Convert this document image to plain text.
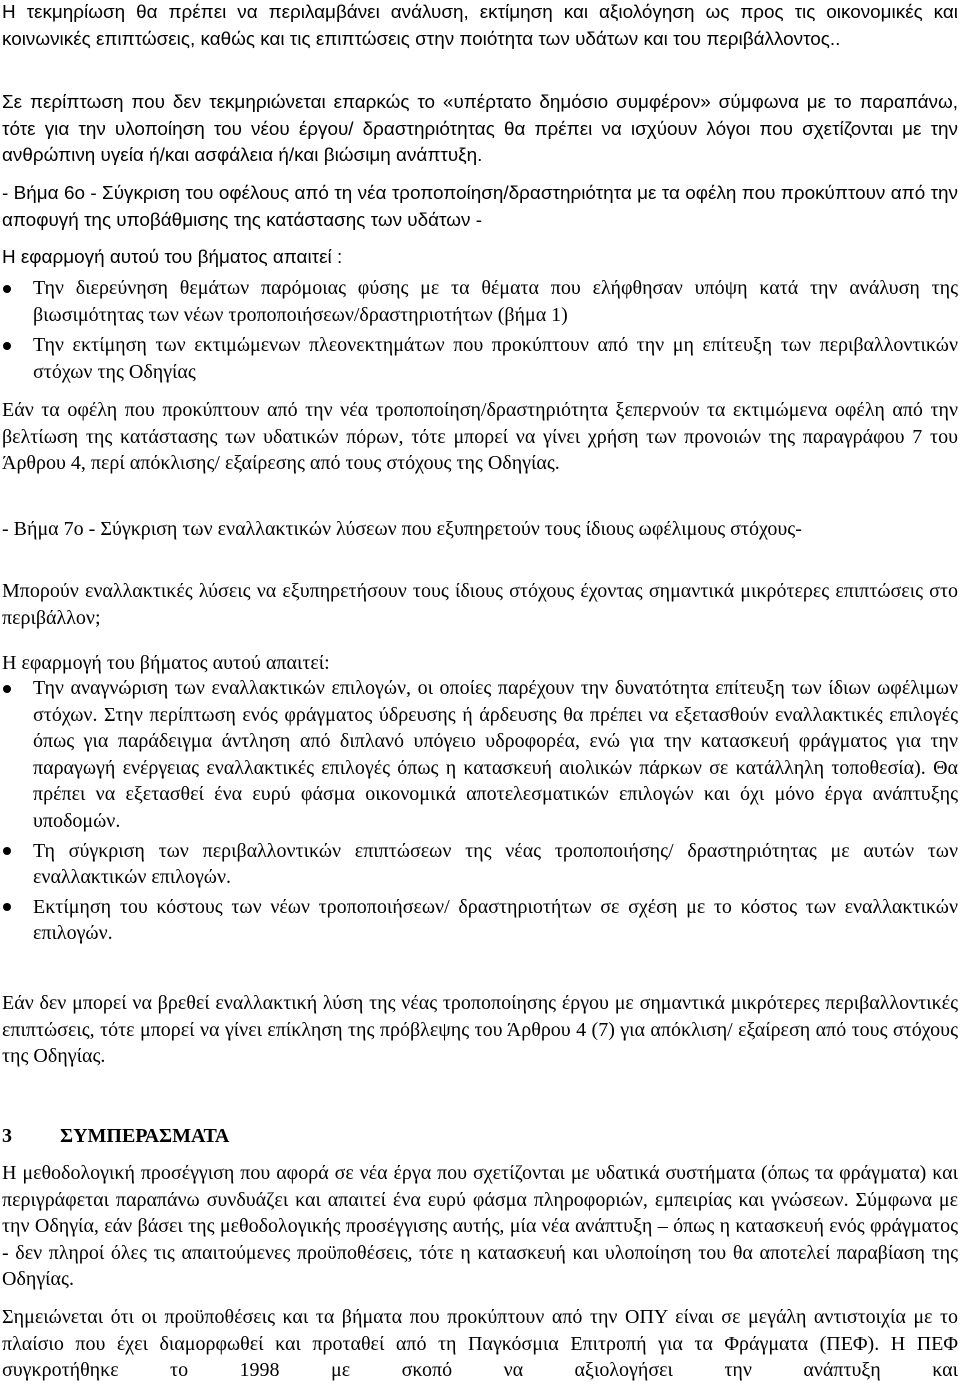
Η τεκμηρίωση θα πρέπει να περιλαμβάνει ανάλυση, εκτίμηση και αξιολόγηση ως προς τις οικονομικές και κοινωνικές επιπτώσεις, καθώς και τις επιπτώσεις στην ποιότητα των υδάτων και του περιβάλλοντος..

Σε περίπτωση που δεν τεκμηριώνεται επαρκώς το «υπέρτατο δημόσιο συμφέρον» σύμφωνα με το παραπάνω, τότε για την υλοποίηση του νέου έργου/ δραστηριότητας θα πρέπει να ισχύουν λόγοι που σχετίζονται με την ανθρώπινη υγεία ή/και ασφάλεια ή/και βιώσιμη ανάπτυξη.

- Βήμα 6ο - Σύγκριση του οφέλους από τη νέα τροποποίηση/δραστηριότητα με τα οφέλη που προκύπτουν από την αποφυγή της υποβάθμισης της κατάστασης των υδάτων -

Η εφαρμογή αυτού του βήματος απαιτεί :

Την διερεύνηση θεμάτων παρόμοιας φύσης με τα θέματα που ελήφθησαν υπόψη κατά την ανάλυση της βιωσιμότητας των νέων τροποποιήσεων/δραστηριοτήτων (βήμα 1)
Την εκτίμηση των εκτιμώμενων πλεονεκτημάτων που προκύπτουν από την μη επίτευξη των περιβαλλοντικών στόχων της Οδηγίας

Εάν τα οφέλη που προκύπτουν από την νέα τροποποίηση/δραστηριότητα ξεπερνούν τα εκτιμώμενα οφέλη από την βελτίωση της κατάστασης των υδατικών πόρων, τότε μπορεί να γίνει χρήση των προνοιών της παραγράφου 7 του Άρθρου 4, περί απόκλισης/ εξαίρεσης από τους στόχους της Οδηγίας.

- Βήμα 7ο - Σύγκριση των εναλλακτικών λύσεων που εξυπηρετούν τους ίδιους ωφέλιμους στόχους-

Μπορούν εναλλακτικές λύσεις να εξυπηρετήσουν τους ίδιους στόχους έχοντας σημαντικά μικρότερες επιπτώσεις στο περιβάλλον;

Η εφαρμογή του βήματος αυτού απαιτεί:

Την αναγνώριση των εναλλακτικών επιλογών, οι οποίες παρέχουν την δυνατότητα επίτευξη των ίδιων ωφέλιμων στόχων. Στην περίπτωση ενός φράγματος ύδρευσης ή άρδευσης θα πρέπει να εξετασθούν εναλλακτικές επιλογές όπως για παράδειγμα άντληση από διπλανό υπόγειο υδροφορέα, ενώ για την κατασκευή φράγματος για την παραγωγή ενέργειας εναλλακτικές επιλογές όπως η κατασκευή αιολικών πάρκων σε κατάλληλη τοποθεσία). Θα πρέπει να εξετασθεί ένα ευρύ φάσμα οικονομικά αποτελεσματικών επιλογών και όχι μόνο έργα ανάπτυξης υποδομών.
Τη σύγκριση των περιβαλλοντικών επιπτώσεων της νέας τροποποιήσης/ δραστηριότητας με αυτών των εναλλακτικών επιλογών.
Εκτίμηση του κόστους των νέων τροποποιήσεων/ δραστηριοτήτων σε σχέση με το κόστος των εναλλακτικών επιλογών.

Εάν δεν μπορεί να βρεθεί εναλλακτική λύση της νέας τροποποίησης έργου με σημαντικά μικρότερες περιβαλλοντικές επιπτώσεις, τότε μπορεί να γίνει επίκληση της πρόβλεψης του Άρθρου 4 (7) για απόκλιση/ εξαίρεση από τους στόχους της Οδηγίας.

3 ΣΥΜΠΕΡΑΣΜΑΤΑ

Η μεθοδολογική προσέγγιση που αφορά σε νέα έργα που σχετίζονται με υδατικά συστήματα (όπως τα φράγματα) και περιγράφεται παραπάνω συνδυάζει και απαιτεί ένα ευρύ φάσμα πληροφοριών, εμπειρίας και γνώσεων. Σύμφωνα με την Οδηγία, εάν βάσει της μεθοδολογικής προσέγγισης αυτής, μία νέα ανάπτυξη – όπως η κατασκευή ενός φράγματος - δεν πληροί όλες τις απαιτούμενες προϋποθέσεις, τότε η κατασκευή και υλοποίηση του θα αποτελεί παραβίαση της Οδηγίας.

Σημειώνεται ότι οι προϋποθέσεις και τα βήματα που προκύπτουν από την ΟΠΥ είναι σε μεγάλη αντιστοιχία με το πλαίσιο που έχει διαμορφωθεί και προταθεί από τη Παγκόσμια Επιτροπή για τα Φράγματα (ΠΕΦ). Η ΠΕΦ συγκροτήθηκε το 1998 με σκοπό να αξιολογήσει την ανάπτυξη και
